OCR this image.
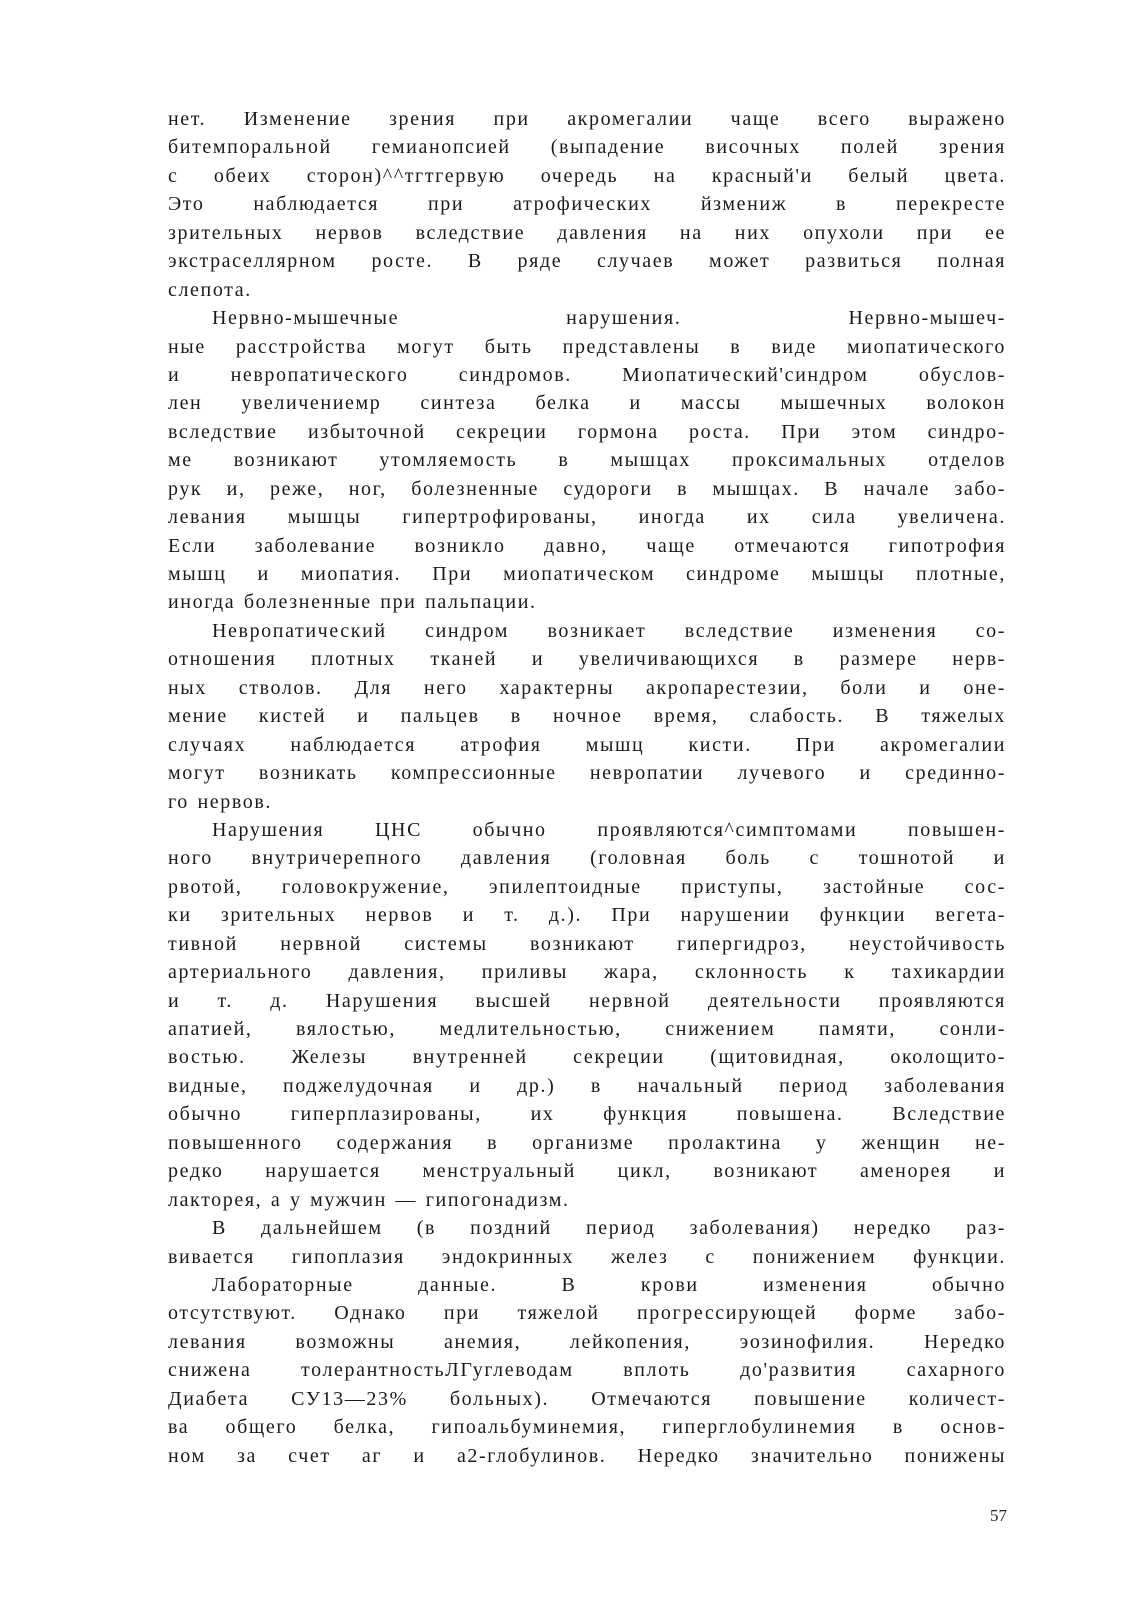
нет. Изменение зрения при акромегалии чаще всего выражено
битемпоральной гемианопсией (выпадение височных полей зрения
с обеих сторон)^^тгтгервую очередь на красный'и белый цвета.
Это наблюдается при атрофических йзмениж в перекресте
зрительных нервов вследствие давления на них опухоли при ее
экстраселлярном росте. В ряде случаев может развиться полная
слепота.
Нервно-мышечные нарушения. Нервно-мышеч-
ные расстройства могут быть представлены в виде миопатического
и невропатического синдромов. Миопатический'синдром обуслов-
лен увеличениемр синтеза белка и массы мышечных волокон
вследствие избыточной секреции гормона роста. При этом синдро-
ме возникают утомляемость в мышцах проксимальных отделов
рук и, реже, ног, болезненные судороги в мышцах. В начале забо-
левания мышцы гипертрофированы, иногда их сила увеличена.
Если заболевание возникло давно, чаще отмечаются гипотрофия
мышц и миопатия. При миопатическом синдроме мышцы плотные,
иногда болезненные при пальпации.
Невропатический синдром возникает вследствие изменения со-
отношения плотных тканей и увеличивающихся в размере нерв-
ных стволов. Для него характерны акропарестезии, боли и оне-
мение кистей и пальцев в ночное время, слабость. В тяжелых
случаях наблюдается атрофия мышц кисти. При акромегалии
могут возникать компрессионные невропатии лучевого и срединно-
го нервов.
Нарушения ЦНС обычно проявляются^симптомами повышен-
ного внутричерепного давления (головная боль с тошнотой и
рвотой, головокружение, эпилептоидные приступы, застойные сос-
ки зрительных нервов и т. д.). При нарушении функции вегета-
тивной нервной системы возникают гипергидроз, неустойчивость
артериального давления, приливы жара, склонность к тахикардии
и т. д. Нарушения высшей нервной деятельности проявляются
апатией, вялостью, медлительностью, снижением памяти, сонли-
востью. Железы внутренней секреции (щитовидная, околощито-
видные, поджелудочная и др.) в начальный период заболевания
обычно гиперплазированы, их функция повышена. Вследствие
повышенного содержания в организме пролактина у женщин не-
редко нарушается менструальный цикл, возникают аменорея и
лакторея, а у мужчин — гипогонадизм.
В дальнейшем (в поздний период заболевания) нередко раз-
вивается гипоплазия эндокринных желез с понижением функции.
Лабораторные данные. В крови изменения обычно
отсутствуют. Однако при тяжелой прогрессирующей форме забо-
левания возможны анемия, лейкопения, эозинофилия. Нередко
снижена толерантностьЛГуглеводам вплоть до'развития сахарного
Диабета СУ13—23% больных). Отмечаются повышение количест-
ва общего белка, гипоальбуминемия, гиперглобулинемия в основ-
ном за счет аг и а2-глобулинов. Нередко значительно понижены
57
